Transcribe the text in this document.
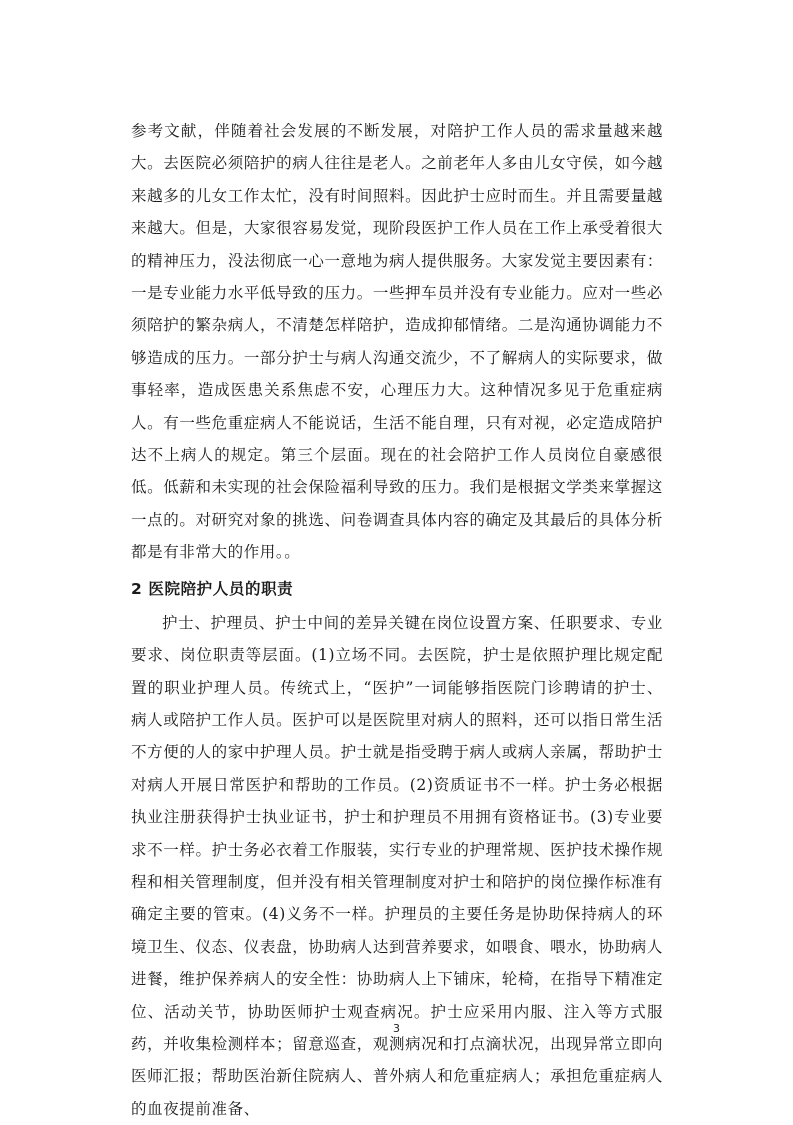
参考文献，伴随着社会发展的不断发展，对陪护工作人员的需求量越来越大。去医院必须陪护的病人往往是老人。之前老年人多由儿女守侯，如今越来越多的儿女工作太忙，没有时间照料。因此护士应时而生。并且需要量越来越大。但是，大家很容易发觉，现阶段医护工作人员在工作上承受着很大的精神压力，没法彻底一心一意地为病人提供服务。大家发觉主要因素有：一是专业能力水平低导致的压力。一些押车员并没有专业能力。应对一些必须陪护的繁杂病人，不清楚怎样陪护，造成抑郁情绪。二是沟通协调能力不够造成的压力。一部分护士与病人沟通交流少，不了解病人的实际要求，做事轻率，造成医患关系焦虑不安，心理压力大。这种情况多见于危重症病人。有一些危重症病人不能说话，生活不能自理，只有对视，必定造成陪护达不上病人的规定。第三个层面。现在的社会陪护工作人员岗位自豪感很低。低薪和未实现的社会保险福利导致的压力。我们是根据文学类来掌握这一点的。对研究对象的挑选、问卷调查具体内容的确定及其最后的具体分析都是有非常大的作用。。

2 医院陪护人员的职责

护士、护理员、护士中间的差异关键在岗位设置方案、任职要求、专业要求、岗位职责等层面。(1)立场不同。去医院，护士是依照护理比规定配置的职业护理人员。传统式上，“医护”一词能够指医院门诊聘请的护士、病人或陪护工作人员。医护可以是医院里对病人的照料，还可以指日常生活不方便的人的家中护理人员。护士就是指受聘于病人或病人亲属，帮助护士对病人开展日常医护和帮助的工作员。(2)资质证书不一样。护士务必根据执业注册获得护士执业证书，护士和护理员不用拥有资格证书。(3)专业要求不一样。护士务必衣着工作服装，实行专业的护理常规、医护技术操作规程和相关管理制度，但并没有相关管理制度对护士和陪护的岗位操作标准有确定主要的管束。(4)义务不一样。护理员的主要任务是协助保持病人的环境卫生、仪态、仪表盘，协助病人达到营养要求，如喂食、喂水，协助病人进餐，维护保养病人的安全性：协助病人上下铺床，轮椅，在指导下精准定位、活动关节，协助医师护士观查病况。护士应采用内服、注入等方式服药，并收集检测样本；留意巡查，观测病况和打点滴状况，出现异常立即向医师汇报；帮助医治新住院病人、普外病人和危重症病人；承担危重症病人的血夜提前准备、

3
